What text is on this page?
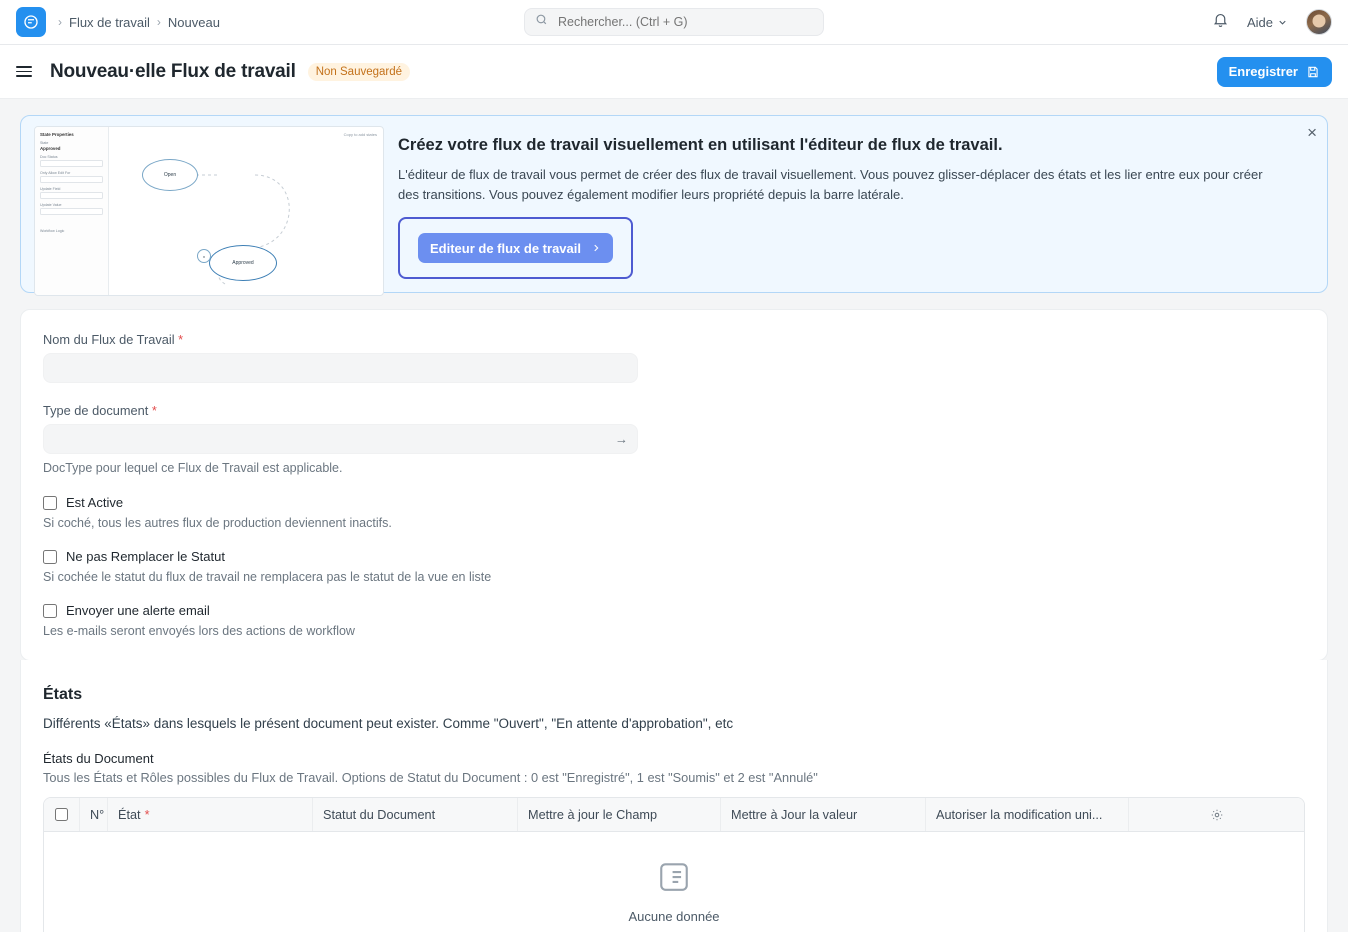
› Flux de travail › Nouveau
Rechercher... (Ctrl + G)	Aide
Nouveau·elle Flux de travail	Non Sauvegardé	Enregistrer
×
State Properties
State
Approved
Doc Status
Only Allow Edit For
Update Field
Update Value
Workflow Logic
Open
Approved
x
Copy to add states
Créez votre flux de travail visuellement en utilisant l'éditeur de flux de travail.
L'éditeur de flux de travail vous permet de créer des flux de travail visuellement. Vous pouvez glisser-déplacer des états et les lier entre eux pour créer des transitions. Vous pouvez également modifier leurs propriété depuis la barre latérale.
Editeur de flux de travail
Nom du Flux de Travail *
Type de document *
→
DocType pour lequel ce Flux de Travail est applicable.
Est Active
Si coché, tous les autres flux de production deviennent inactifs.
Ne pas Remplacer le Statut
Si cochée le statut du flux de travail ne remplacera pas le statut de la vue en liste
Envoyer une alerte email
Les e-mails seront envoyés lors des actions de workflow
États
Différents «États» dans lesquels le présent document peut exister. Comme "Ouvert", "En attente d'approbation", etc
États du Document
Tous les États et Rôles possibles du Flux de Travail. Options de Statut du Document : 0 est "Enregistré", 1 est "Soumis" et 2 est "Annulé"
N° État *	Statut du Document	Mettre à jour le Champ	Mettre à Jour la valeur	Autoriser la modification uni...
Aucune donnée
